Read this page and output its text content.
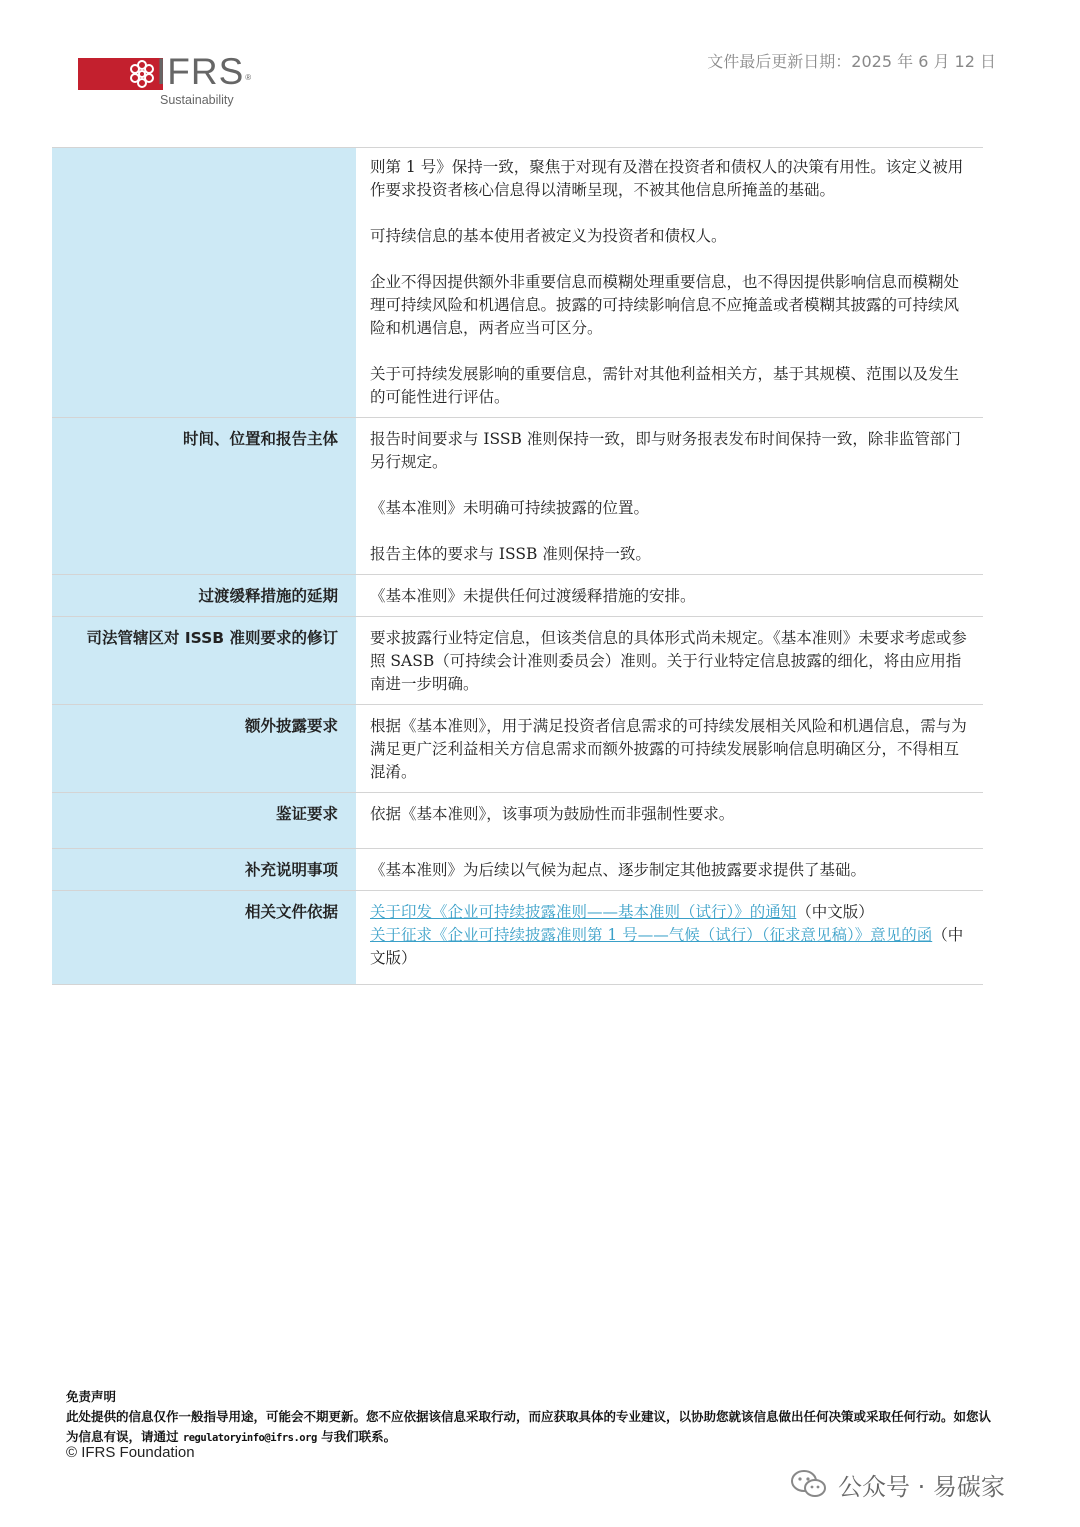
IFRS®
Sustainability
文件最后更新日期：2025 年 6 月 12 日

	则第 1 号》保持一致，聚焦于对现有及潜在投资者和债权人的决策有用性。该定义被用作要求投资者核心信息得以清晰呈现，不被其他信息所掩盖的基础。

可持续信息的基本使用者被定义为投资者和债权人。

企业不得因提供额外非重要信息而模糊处理重要信息，也不得因提供影响信息而模糊处理可持续风险和机遇信息。披露的可持续影响信息不应掩盖或者模糊其披露的可持续风险和机遇信息，两者应当可区分。

关于可持续发展影响的重要信息，需针对其他利益相关方，基于其规模、范围以及发生的可能性进行评估。

时间、位置和报告主体	报告时间要求与 ISSB 准则保持一致，即与财务报表发布时间保持一致，除非监管部门另行规定。

《基本准则》未明确可持续披露的位置。

报告主体的要求与 ISSB 准则保持一致。

过渡缓释措施的延期	《基本准则》未提供任何过渡缓释措施的安排。

司法管辖区对 ISSB 准则要求的修订	要求披露行业特定信息，但该类信息的具体形式尚未规定。《基本准则》未要求考虑或参照 SASB（可持续会计准则委员会）准则。关于行业特定信息披露的细化，将由应用指南进一步明确。

额外披露要求	根据《基本准则》，用于满足投资者信息需求的可持续发展相关风险和机遇信息，需与为满足更广泛利益相关方信息需求而额外披露的可持续发展影响信息明确区分，不得相互混淆。

鉴证要求	依据《基本准则》，该事项为鼓励性而非强制性要求。

补充说明事项	《基本准则》为后续以气候为起点、逐步制定其他披露要求提供了基础。

相关文件依据	关于印发《企业可持续披露准则——基本准则（试行）》的通知（中文版）
关于征求《企业可持续披露准则第 1 号——气候（试行）（征求意见稿）》意见的函（中文版）
免责声明
此处提供的信息仅作一般指导用途，可能会不期更新。您不应依据该信息采取行动，而应获取具体的专业建议，以协助您就该信息做出任何决策或采取任何行动。如您认为信息有误，请通过 regulatoryinfo@ifrs.org 与我们联系。
© IFRS Foundation
公众号 · 易碳家
